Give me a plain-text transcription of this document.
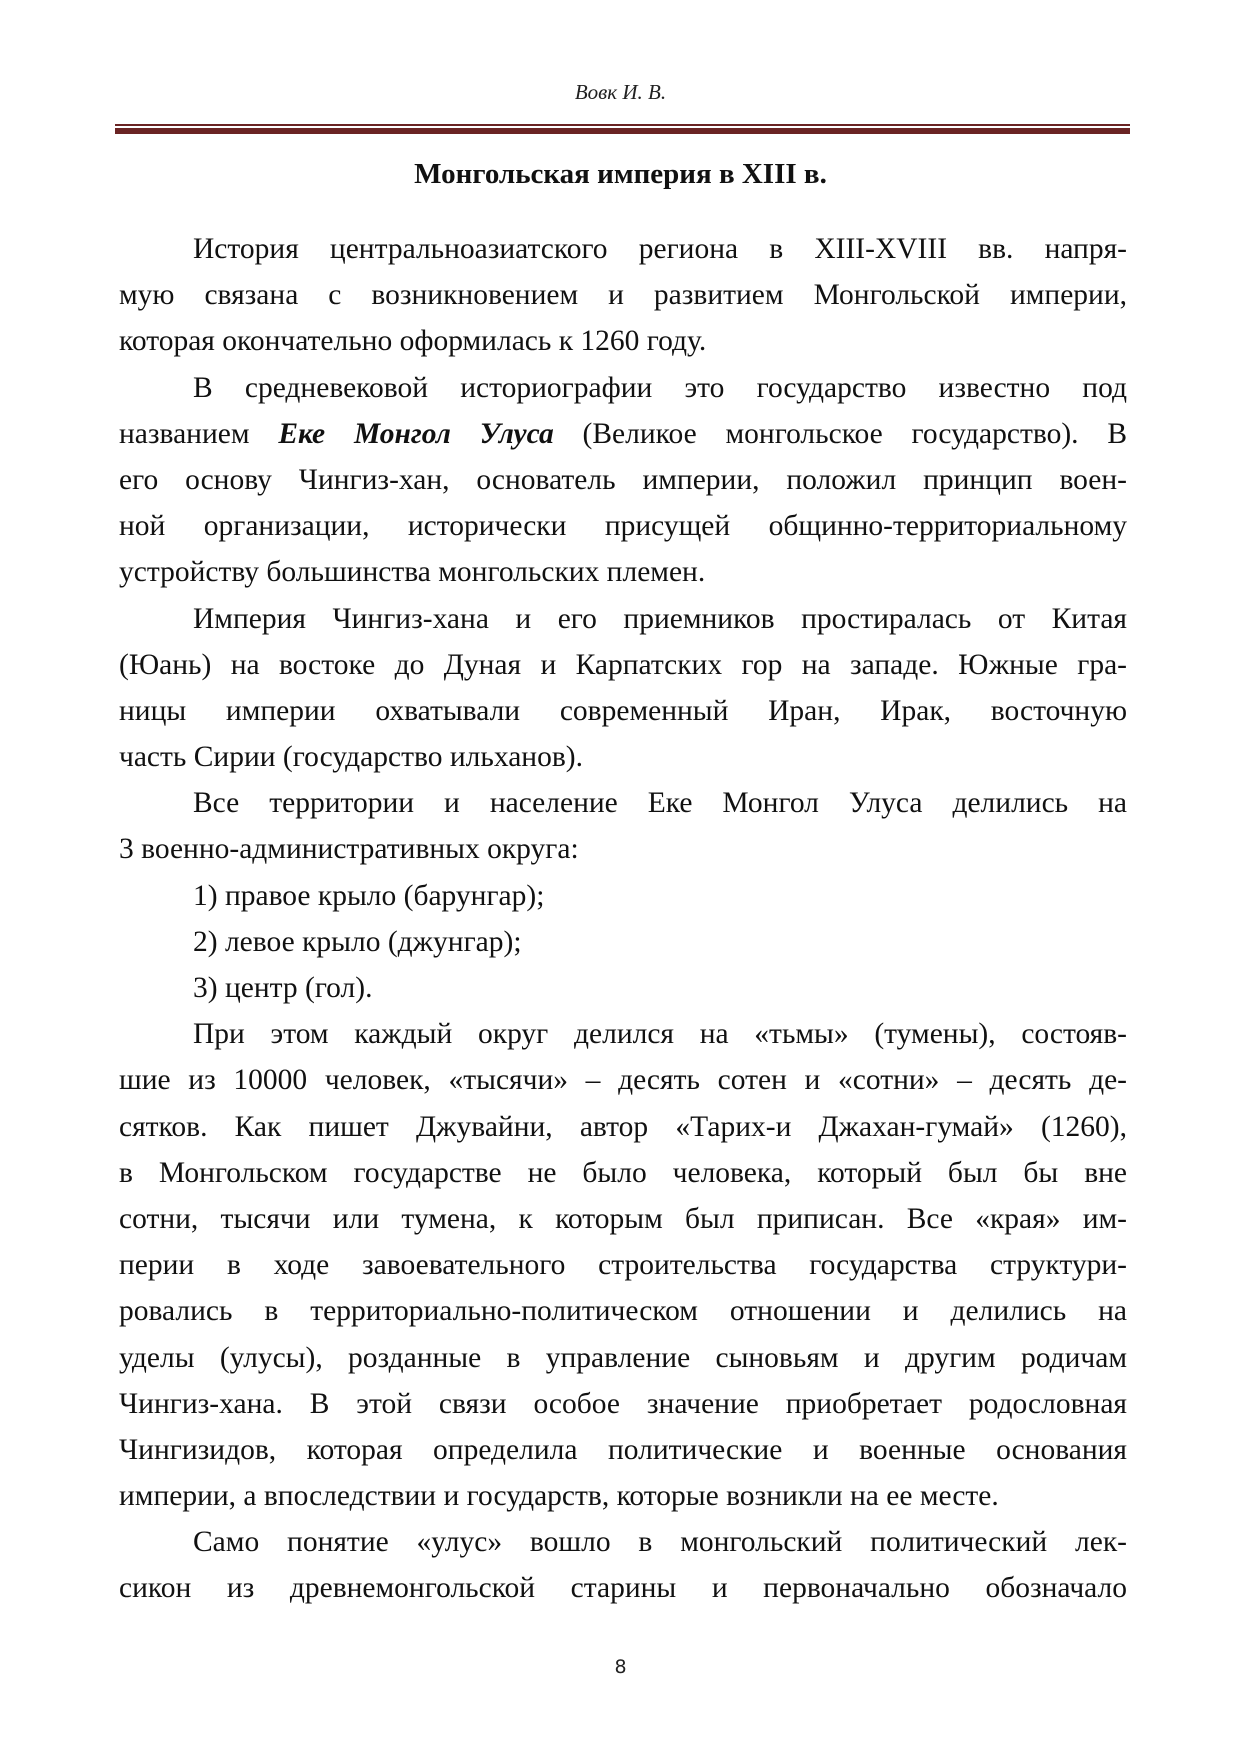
Вовк И. В.
Монгольская империя в XIII в.
История центральноазиатского региона в XIII-XVIII вв. напря-
мую связана с возникновением и развитием Монгольской империи,
которая окончательно оформилась к 1260 году.
В средневековой историографии это государство известно под
названием Еке Монгол Улуса (Великое монгольское государство). В
его основу Чингиз-хан, основатель империи, положил принцип воен-
ной организации, исторически присущей общинно-территориальному
устройству большинства монгольских племен.
Империя Чингиз-хана и его приемников простиралась от Китая
(Юань) на востоке до Дуная и Карпатских гор на западе. Южные гра-
ницы империи охватывали современный Иран, Ирак, восточную
часть Сирии (государство ильханов).
Все территории и население Еке Монгол Улуса делились на
3 военно-административных округа:
1) правое крыло (барунгар);
2) левое крыло (джунгар);
3) центр (гол).
При этом каждый округ делился на «тьмы» (тумены), состояв-
шие из 10000 человек, «тысячи» – десять сотен и «сотни» – десять де-
сятков. Как пишет Джувайни, автор «Тарих-и Джахан-гумай» (1260),
в Монгольском государстве не было человека, который был бы вне
сотни, тысячи или тумена, к которым был приписан. Все «края» им-
перии в ходе завоевательного строительства государства структури-
ровались в территориально-политическом отношении и делились на
уделы (улусы), розданные в управление сыновьям и другим родичам
Чингиз-хана. В этой связи особое значение приобретает родословная
Чингизидов, которая определила политические и военные основания
империи, а впоследствии и государств, которые возникли на ее месте.
Само понятие «улус» вошло в монгольский политический лек-
сикон из древнемонгольской старины и первоначально обозначало
8
